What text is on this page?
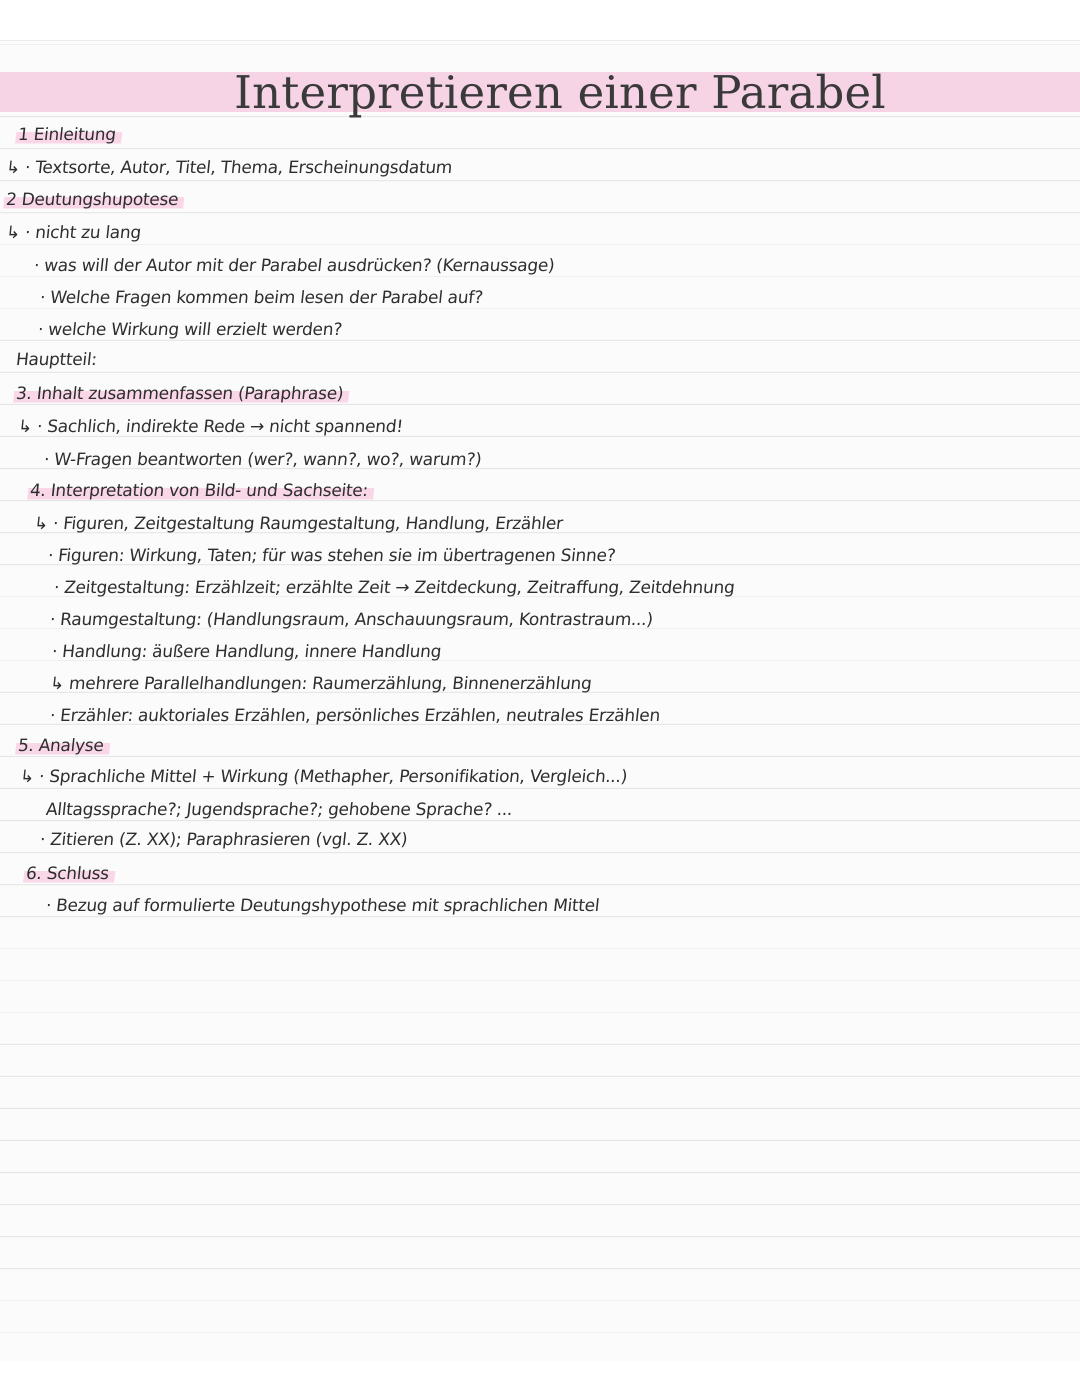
Interpretieren einer Parabel
1 Einleitung
↳ · Textsorte, Autor, Titel, Thema, Erscheinungsdatum
2 Deutungshupotese
↳ · nicht zu lang
· was will der Autor mit der Parabel ausdrücken? (Kernaussage)
· Welche Fragen kommen beim lesen der Parabel auf?
· welche Wirkung will erzielt werden?
Hauptteil:
3. Inhalt zusammenfassen (Paraphrase)
↳ · Sachlich, indirekte Rede → nicht spannend!
· W-Fragen beantworten (wer?, wann?, wo?, warum?)
4. Interpretation von Bild- und Sachseite:
↳ · Figuren, Zeitgestaltung Raumgestaltung, Handlung, Erzähler
· Figuren: Wirkung, Taten; für was stehen sie im übertragenen Sinne?
· Zeitgestaltung: Erzählzeit; erzählte Zeit → Zeitdeckung, Zeitraffung, Zeitdehnung
· Raumgestaltung: (Handlungsraum, Anschauungsraum, Kontrastraum...)
· Handlung: äußere Handlung, innere Handlung
↳ mehrere Parallelhandlungen: Raumerzählung, Binnenerzählung
· Erzähler: auktoriales Erzählen, persönliches Erzählen, neutrales Erzählen
5. Analyse
↳ · Sprachliche Mittel + Wirkung (Methapher, Personifikation, Vergleich...)
Alltagssprache?; Jugendsprache?; gehobene Sprache? ...
· Zitieren (Z. XX); Paraphrasieren (vgl. Z. XX)
6. Schluss
· Bezug auf formulierte Deutungshypothese mit sprachlichen Mittel
